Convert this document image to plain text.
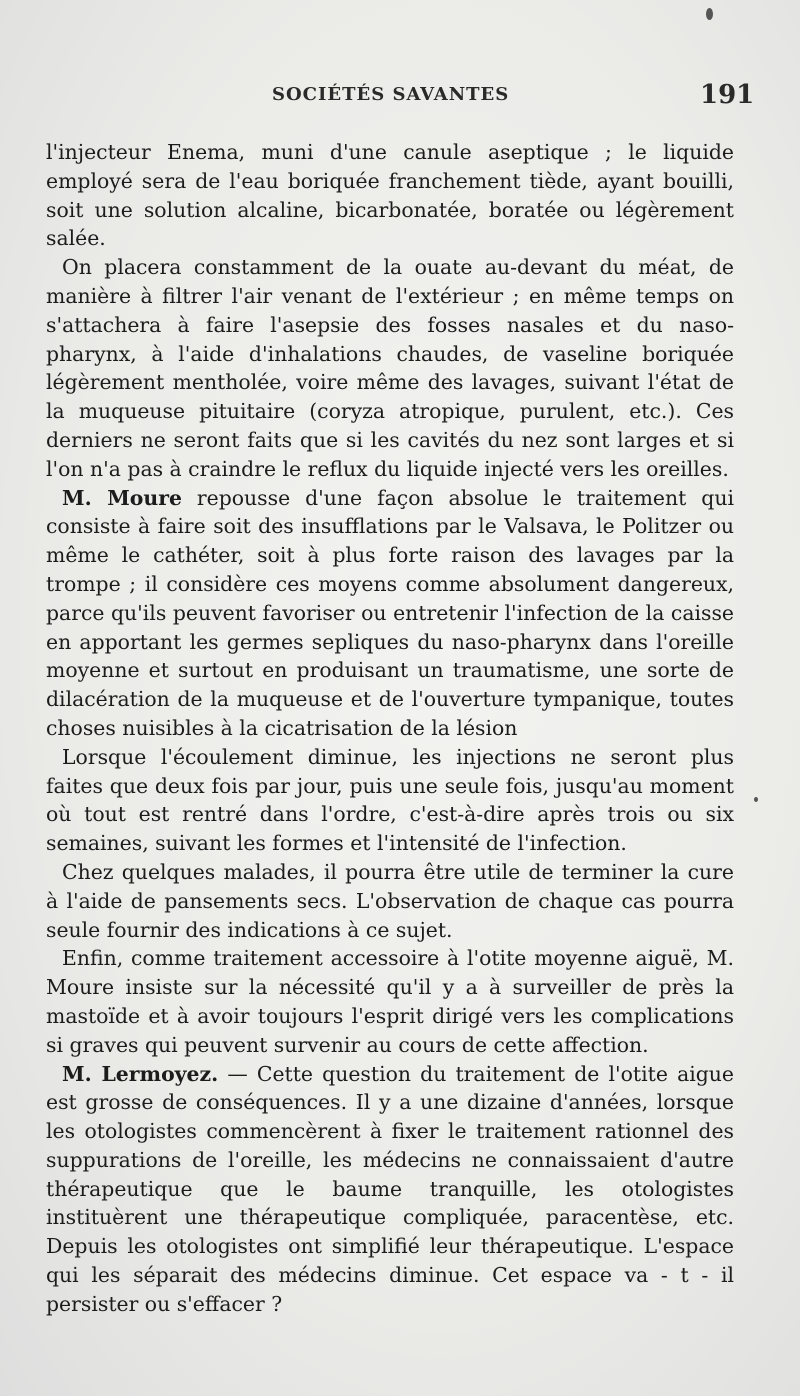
SOCIÉTÉS SAVANTES	191

l'injecteur Enema, muni d'une canule aseptique ; le liquide employé sera de l'eau boriquée franchement tiède, ayant bouilli, soit une solution alcaline, bicarbonatée, boratée ou légèrement salée.

On placera constamment de la ouate au-devant du méat, de manière à filtrer l'air venant de l'extérieur ; en même temps on s'attachera à faire l'asepsie des fosses nasales et du naso-pharynx, à l'aide d'inhalations chaudes, de vaseline boriquée légèrement mentholée, voire même des lavages, suivant l'état de la muqueuse pituitaire (coryza atropique, purulent, etc.). Ces derniers ne seront faits que si les cavités du nez sont larges et si l'on n'a pas à craindre le reflux du liquide injecté vers les oreilles.

M. Moure repousse d'une façon absolue le traitement qui consiste à faire soit des insufflations par le Valsava, le Politzer ou même le cathéter, soit à plus forte raison des lavages par la trompe ; il considère ces moyens comme absolument dangereux, parce qu'ils peuvent favoriser ou entretenir l'infection de la caisse en apportant les germes sepliques du naso-pharynx dans l'oreille moyenne et surtout en produisant un traumatisme, une sorte de dilacération de la muqueuse et de l'ouverture tympanique, toutes choses nuisibles à la cicatrisation de la lésion

Lorsque l'écoulement diminue, les injections ne seront plus faites que deux fois par jour, puis une seule fois, jusqu'au moment où tout est rentré dans l'ordre, c'est-à-dire après trois ou six semaines, suivant les formes et l'intensité de l'infection.

Chez quelques malades, il pourra être utile de terminer la cure à l'aide de pansements secs. L'observation de chaque cas pourra seule fournir des indications à ce sujet.

Enfin, comme traitement accessoire à l'otite moyenne aiguë, M. Moure insiste sur la nécessité qu'il y a à surveiller de près la mastoïde et à avoir toujours l'esprit dirigé vers les complications si graves qui peuvent survenir au cours de cette affection.

M. Lermoyez. — Cette question du traitement de l'otite aigue est grosse de conséquences. Il y a une dizaine d'années, lorsque les otologistes commencèrent à fixer le traitement rationnel des suppurations de l'oreille, les médecins ne connaissaient d'autre thérapeutique que le baume tranquille, les otologistes instituèrent une thérapeutique compliquée, paracentèse, etc. Depuis les otologistes ont simplifié leur thérapeutique. L'espace qui les séparait des médecins diminue. Cet espace va - t - il persister ou s'effacer ?
